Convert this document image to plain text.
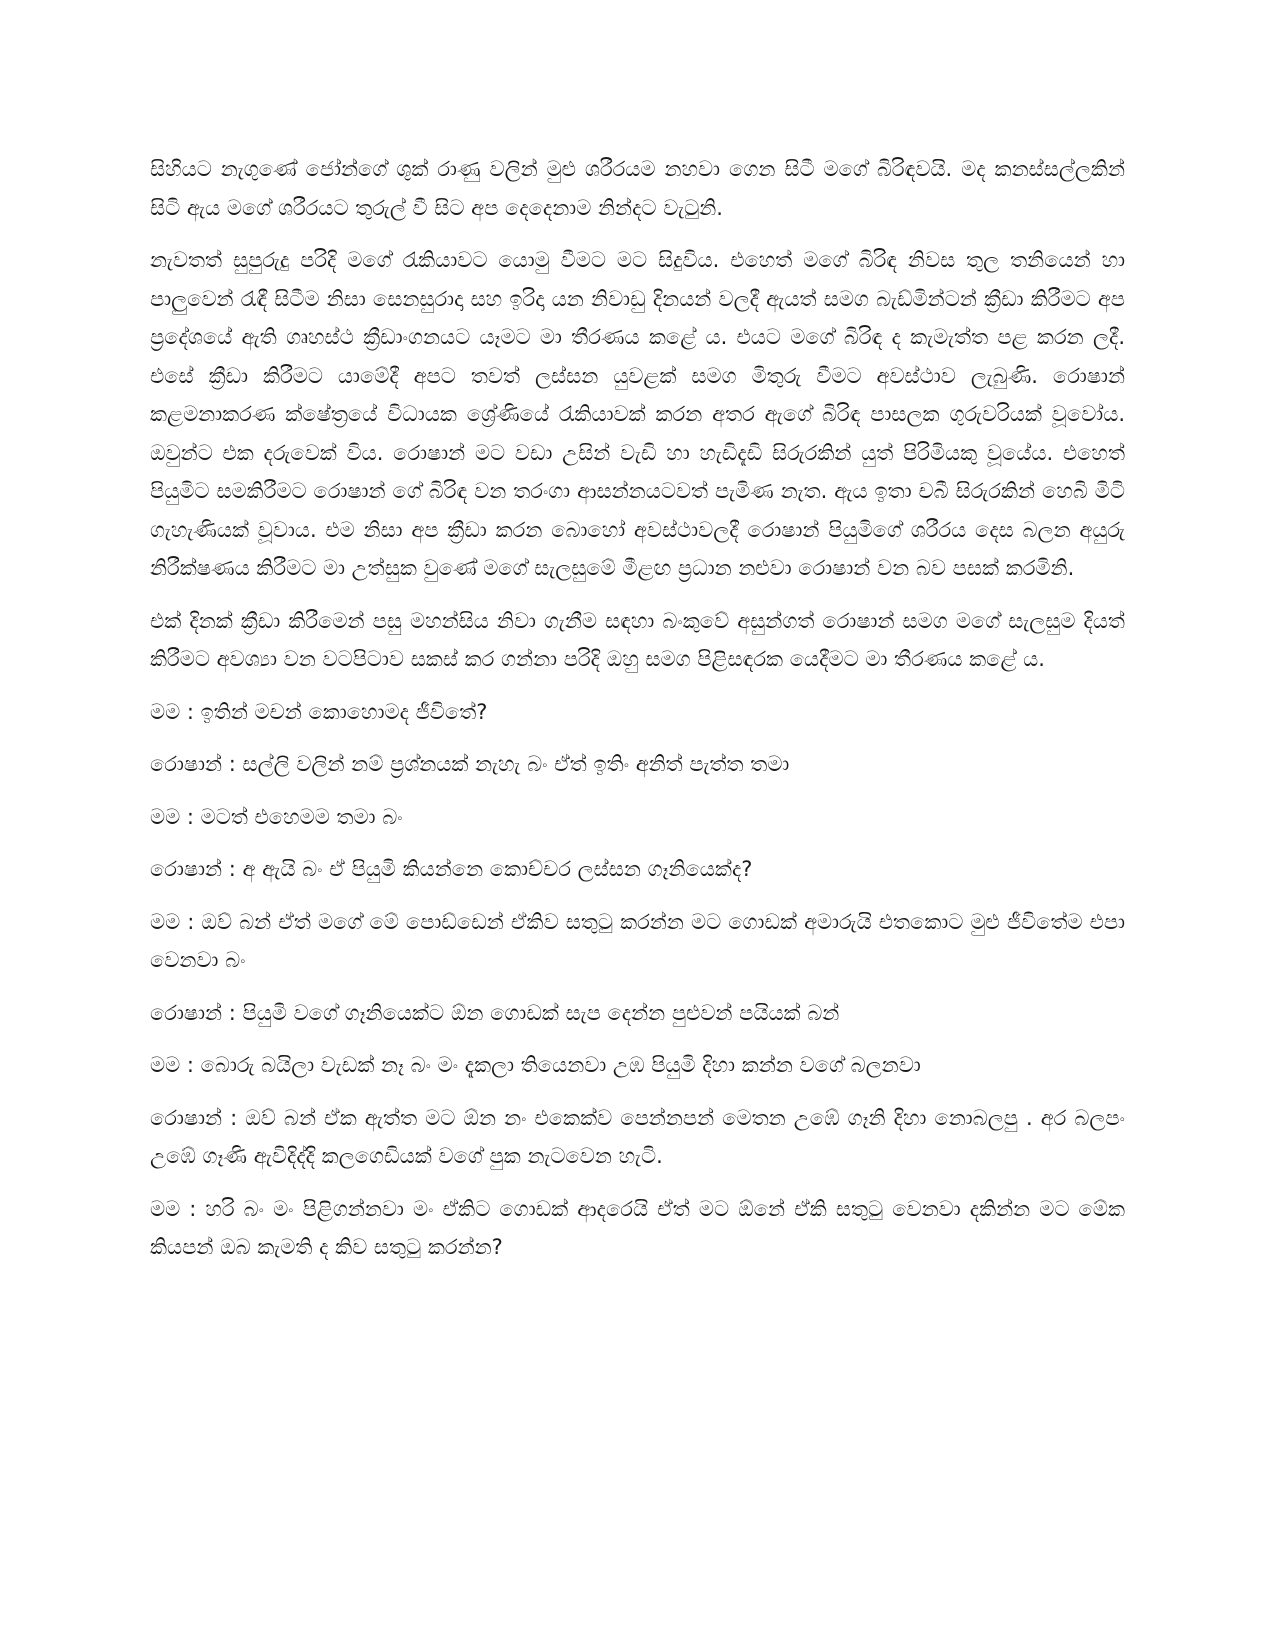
සිහියට නැගුණේ ජෝන්ගේ ශුක් රාණු වලින් මුළු ශරීරයම නහවා ගෙන සිටී මගේ බිරිඳවයි. මද කනස්සල්ලකින් සිටි ඇය මගේ ශරීරයට තුරුල් වී සිට අප දෙදෙනාම නින්දට වැටුනි.

නැවතත් සුපුරුදු පරිදි මගේ රැකියාවට යොමු වීමට මට සිදුවිය. එහෙත් මගේ බිරිඳ නිවස තුල තනියෙන් හා පාලුවෙන් රැඳී සිටීම නිසා සෙනසුරාදා සහ ඉරිදා යන නිවාඩු දිනයන් වලදී ඇයත් සමග බැඩ්මින්ටන් ක්‍රීඩා කිරීමට අප ප්‍රදේශයේ ඇති ගෘහස්ථ ක්‍රීඩාංගනයට යෑමට මා තීරණය කළේ ය. එයට මගේ බිරිඳ ද කැමැත්ත පළ කරන ලදී. එසේ ක්‍රීඩා කිරීමට යාමේදී අපට තවත් ලස්සන යුවළක් සමග මිතුරු වීමට අවස්ථාව ලැබුණි. රොෂාන් කළමනාකරණ ක්ෂේත්‍රයේ විධායක ශ්‍රේණියේ රැකියාවක් කරන අතර ඇගේ බිරිඳ පාසලක ගුරුවරියක් වූවෝය. ඔවුන්ට එක දරුවෙක් විය. රොෂාන් මට වඩා උසින් වැඩි හා හැඩිදැඩි සිරුරකින් යුත් පිරිමියකු වූයේය. එහෙත් පියුමිට සමකිරීමට රොෂාන් ගේ බිරිඳ වන තරංගා ආසන්නයටවත් පැමිණ නැත. ඇය ඉතා චබී සිරුරකින් හෙබි මිටි ගැහැණියක් වූවාය. එම නිසා අප ක්‍රීඩා කරන බොහෝ අවස්ථාවලදී රොෂාන් පියුමිගේ ශරීරය දෙස බලන අයුරු නිරීක්ෂණය කිරීමට මා උත්සුක වුණේ මගේ සැලසුමේ මීළඟ ප්‍රධාන නළුවා රොෂාන් වන බව පසක් කරමිනි.

එක් දිනක් ක්‍රීඩා කිරීමෙන් පසු මහන්සිය නිවා ගැනීම සඳහා බංකුවේ අසුන්ගත් රොෂාන් සමග මගේ සැලසුම දියත් කිරීමට අවශ්‍යා වන වටපිටාව සකස් කර ගන්නා පරිදි ඔහු සමග පිළිසඳරක යෙදීමට මා තීරණය කළේ ය.

මම : ඉතින් මචන් කොහොමද ජීවිතේ?

රොෂාන් : සල්ලි වලින් නම් ප්‍රශ්නයක් නැහැ බං ඒත් ඉතිං අනිත් පැත්ත තමා

මම : මටත් එහෙමම තමා බං

රොෂාන් : අ ඇයි බං ඒ පියුමි කියන්නෙ කොච්චර ලස්සන ගෑනියෙක්ද?

මම : ඔව් බන් ඒත් මගේ මේ පොඩ්ඩෙන් ඒකිව සතුටු කරන්න මට ගොඩක් අමාරුයි එතකොට මුළු ජීවිතේම එපා වෙනවා බං

රොෂාන් : පියුමි වගේ ගෑනියෙක්ට ඕන ගොඩක් සැප දෙන්න පුළුවන් පයියක් බන්

මම : බොරු බයිලා වැඩක් නෑ බං මං දැකලා තියෙනවා උඹ පියුමි දිහා කන්න වගේ බලනවා

රොෂාන් : ඔව් බන් ඒක ඇත්ත මට ඕන නං එකෙක්ව පෙන්නපන් මෙතන උඹේ ගෑනි දිහා නොබලපු . අර බලපං උඹේ ගෑණි ඇවිදිද්දි කලගෙඩියක් වගේ පුක නැටවෙන හැටි.

මම : හරි බං මං පිළිගන්නවා මං ඒකිට ගොඩක් ආදරෙයි ඒත් මට ඕනේ ඒකි සතුටු වෙනවා දකින්න මට මේක කියපන් ඔබ කැමති ද කිව සතුටු කරන්න?
